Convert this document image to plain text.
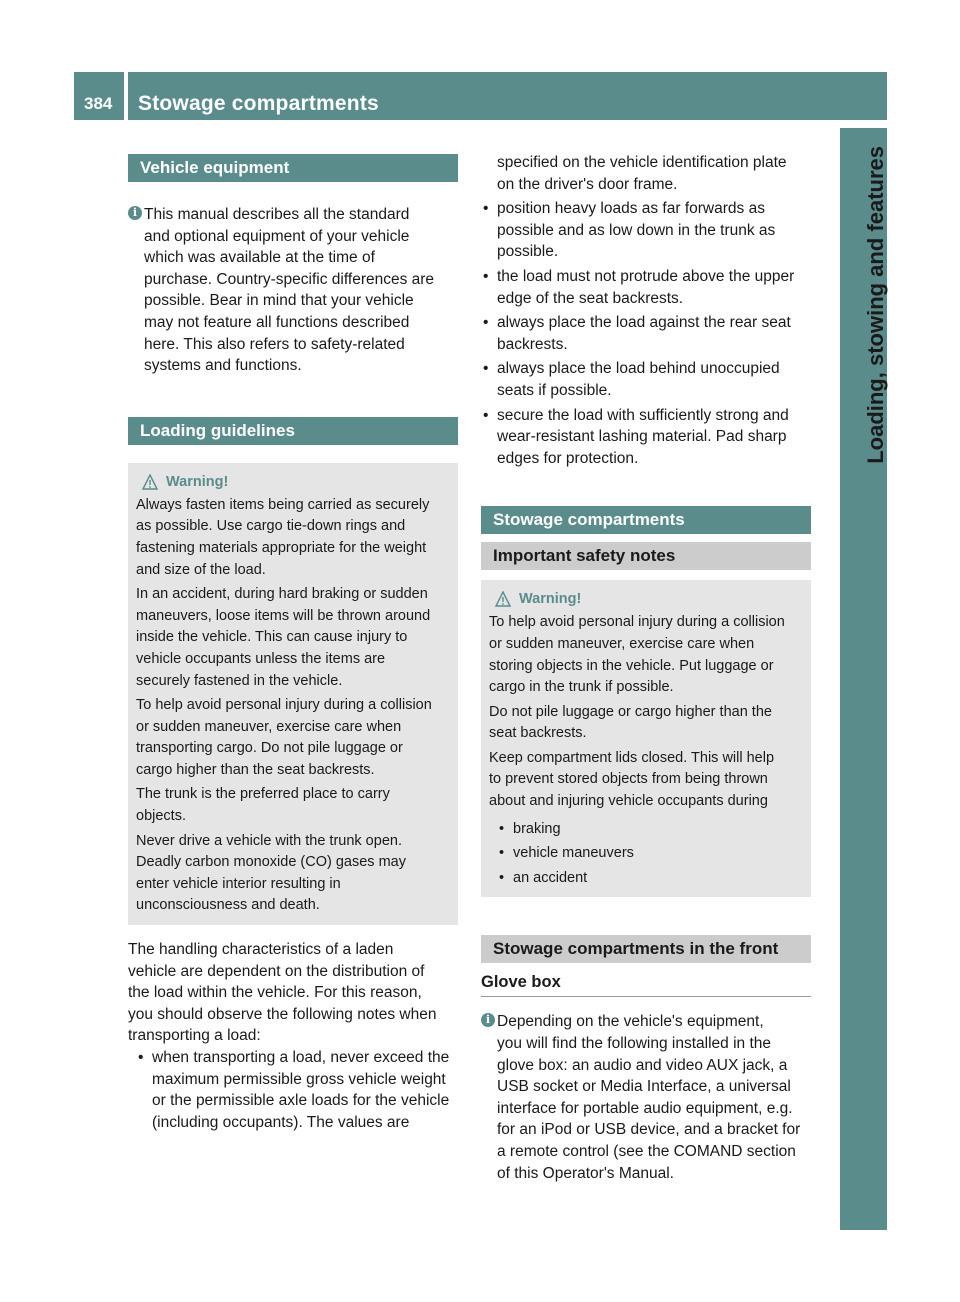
384 Stowage compartments
Loading, stowing and features
Vehicle equipment
i This manual describes all the standard
and optional equipment of your vehicle
which was available at the time of
purchase. Country-specific differences are
possible. Bear in mind that your vehicle
may not feature all functions described
here. This also refers to safety-related
systems and functions.
Loading guidelines
Warning!
Always fasten items being carried as securely
as possible. Use cargo tie-down rings and
fastening materials appropriate for the weight
and size of the load.
In an accident, during hard braking or sudden
maneuvers, loose items will be thrown around
inside the vehicle. This can cause injury to
vehicle occupants unless the items are
securely fastened in the vehicle.
To help avoid personal injury during a collision
or sudden maneuver, exercise care when
transporting cargo. Do not pile luggage or
cargo higher than the seat backrests.
The trunk is the preferred place to carry
objects.
Never drive a vehicle with the trunk open.
Deadly carbon monoxide (CO) gases may
enter vehicle interior resulting in
unconsciousness and death.
The handling characteristics of a laden
vehicle are dependent on the distribution of
the load within the vehicle. For this reason,
you should observe the following notes when
transporting a load:
• when transporting a load, never exceed the
maximum permissible gross vehicle weight
or the permissible axle loads for the vehicle
(including occupants). The values are
specified on the vehicle identification plate
on the driver's door frame.
• position heavy loads as far forwards as
possible and as low down in the trunk as
possible.
• the load must not protrude above the upper
edge of the seat backrests.
• always place the load against the rear seat
backrests.
• always place the load behind unoccupied
seats if possible.
• secure the load with sufficiently strong and
wear-resistant lashing material. Pad sharp
edges for protection.
Stowage compartments
Important safety notes
Warning!
To help avoid personal injury during a collision
or sudden maneuver, exercise care when
storing objects in the vehicle. Put luggage or
cargo in the trunk if possible.
Do not pile luggage or cargo higher than the
seat backrests.
Keep compartment lids closed. This will help
to prevent stored objects from being thrown
about and injuring vehicle occupants during
• braking
• vehicle maneuvers
• an accident
Stowage compartments in the front
Glove box
i Depending on the vehicle's equipment,
you will find the following installed in the
glove box: an audio and video AUX jack, a
USB socket or Media Interface, a universal
interface for portable audio equipment, e.g.
for an iPod or USB device, and a bracket for
a remote control (see the COMAND section
of this Operator's Manual.
